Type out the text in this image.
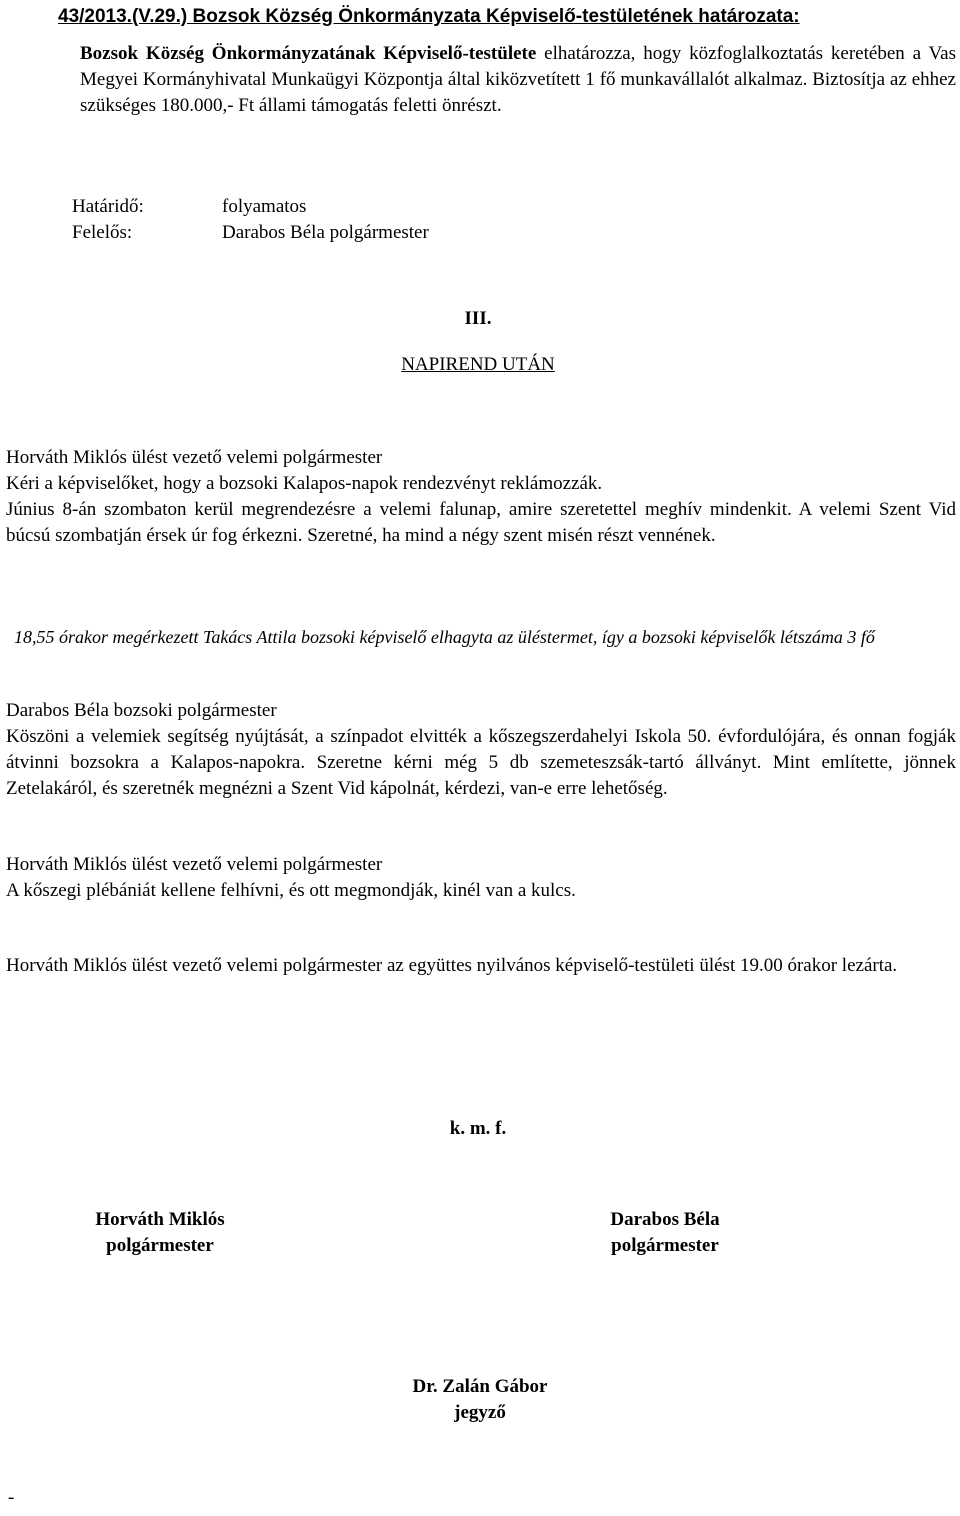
43/2013.(V.29.) Bozsok Község Önkormányzata Képviselő-testületének határozata:
Bozsok Község Önkormányzatának Képviselő-testülete elhatározza, hogy közfoglalkoztatás keretében a Vas Megyei Kormányhivatal Munkaügyi Központja által kiközvetített 1 fő munkavállalót alkalmaz. Biztosítja az ehhez szükséges 180.000,- Ft állami támogatás feletti önrészt.
Határidő:	folyamatos
Felelős:	Darabos Béla polgármester
III.
NAPIREND UTÁN
Horváth Miklós ülést vezető velemi polgármester
Kéri a képviselőket, hogy a bozsoki Kalapos-napok rendezvényt reklámozzák.
Június 8-án szombaton kerül megrendezésre a velemi falunap, amire szeretettel meghív mindenkit. A velemi Szent Vid búcsú szombatján érsek úr fog érkezni. Szeretné, ha mind a négy szent misén részt vennének.
18,55 órakor megérkezett Takács Attila bozsoki képviselő elhagyta az üléstermet, így a bozsoki képviselők létszáma 3 fő
Darabos Béla bozsoki polgármester
Köszöni a velemiek segítség nyújtását, a színpadot elvitték a kőszegszerdahelyi Iskola 50. évfordulójára, és onnan fogják átvinni bozsokra a Kalapos-napokra. Szeretne kérni még 5 db szemeteszsák-tartó állványt. Mint említette, jönnek Zetelakáról, és szeretnék megnézni a Szent Vid kápolnát, kérdezi, van-e erre lehetőség.
Horváth Miklós ülést vezető velemi polgármester
A kőszegi plébániát kellene felhívni, és ott megmondják, kinél van a kulcs.
Horváth Miklós ülést vezető velemi polgármester az együttes nyilvános képviselő-testületi ülést 19.00 órakor lezárta.
k. m. f.
Horváth Miklós
polgármester
Darabos Béla
polgármester
Dr. Zalán Gábor
jegyző
-
